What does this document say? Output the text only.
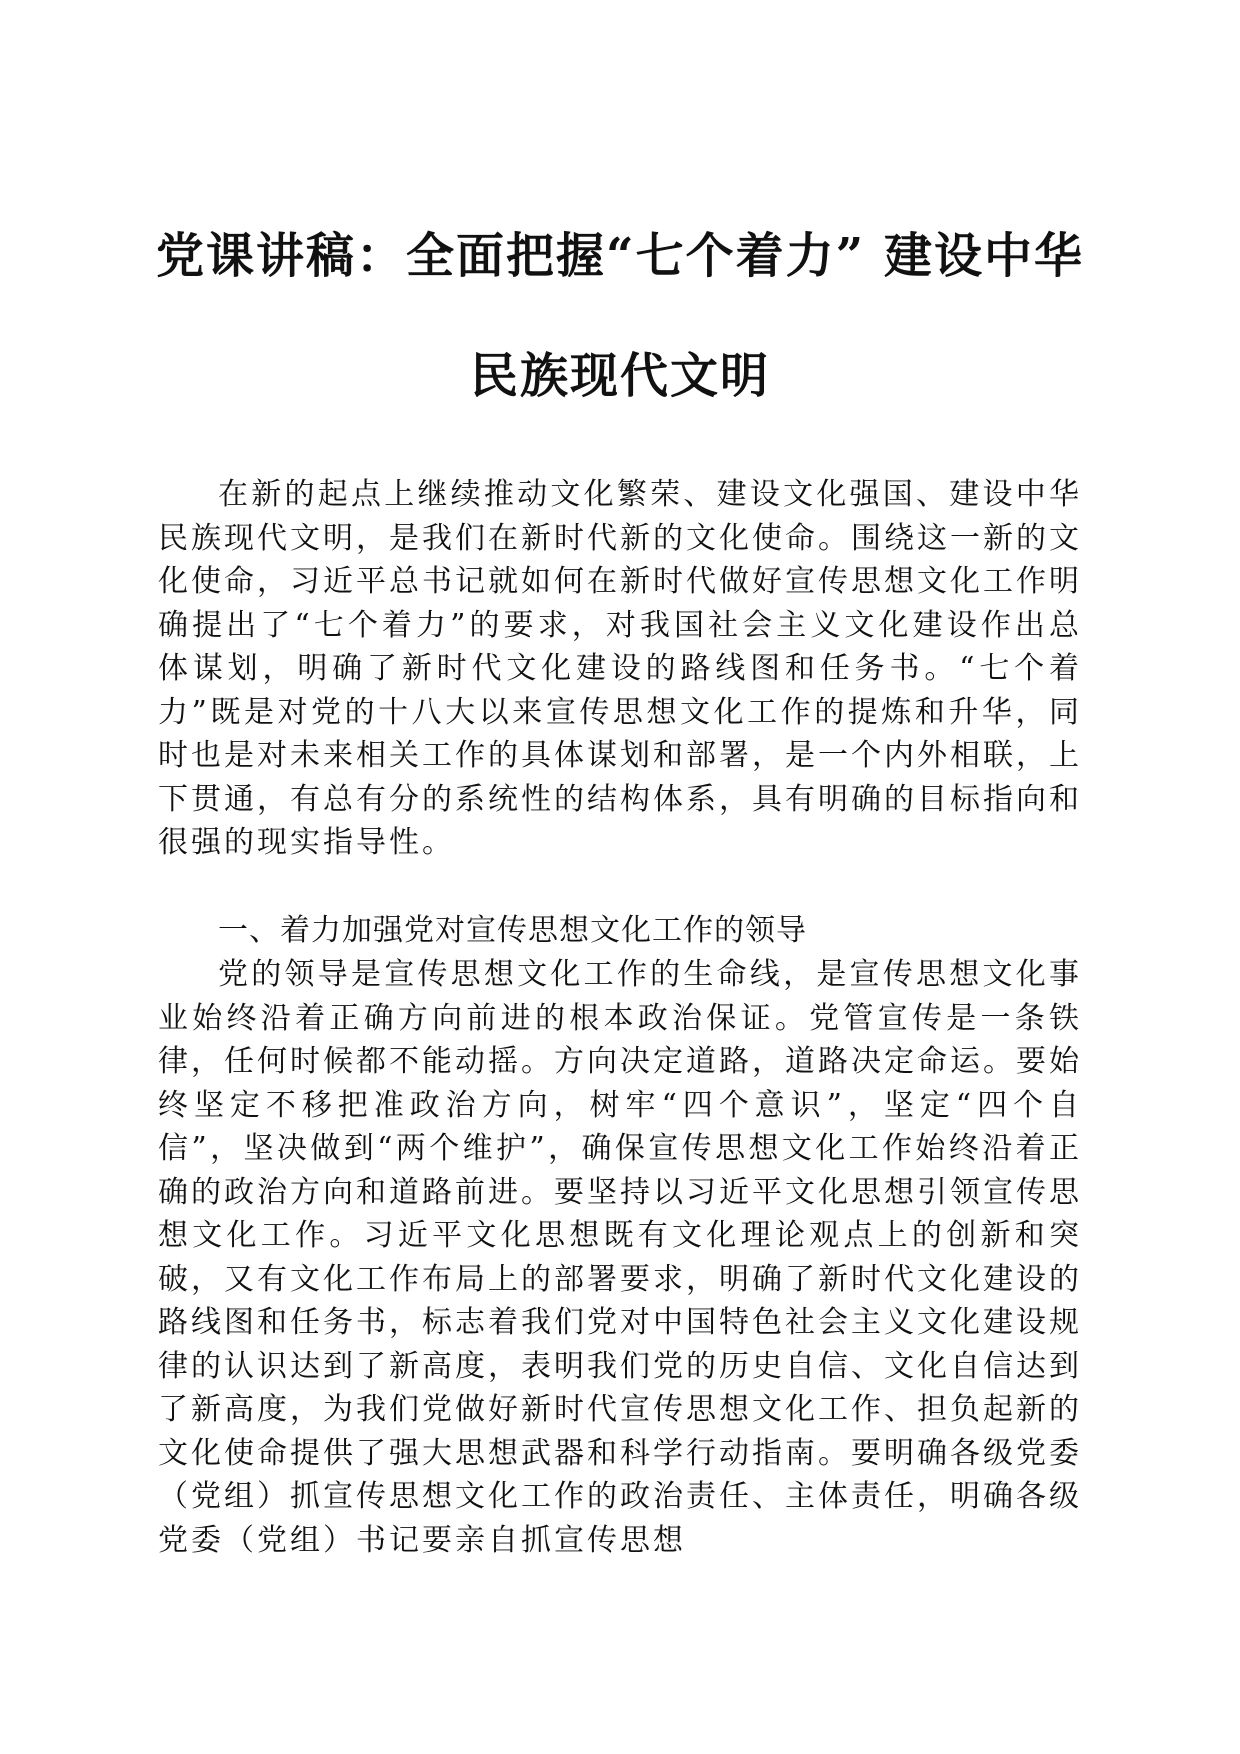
党课讲稿：全面把握“七个着力” 建设中华
民族现代文明

在新的起点上继续推动文化繁荣、建设文化强国、建设中华民族现代文明，是我们在新时代新的文化使命。围绕这一新的文化使命，习近平总书记就如何在新时代做好宣传思想文化工作明确提出了“七个着力”的要求，对我国社会主义文化建设作出总体谋划，明确了新时代文化建设的路线图和任务书。“七个着力”既是对党的十八大以来宣传思想文化工作的提炼和升华，同时也是对未来相关工作的具体谋划和部署，是一个内外相联，上下贯通，有总有分的系统性的结构体系，具有明确的目标指向和很强的现实指导性。

一、着力加强党对宣传思想文化工作的领导

党的领导是宣传思想文化工作的生命线，是宣传思想文化事业始终沿着正确方向前进的根本政治保证。党管宣传是一条铁律，任何时候都不能动摇。方向决定道路，道路决定命运。要始终坚定不移把准政治方向，树牢“四个意识”，坚定“四个自信”，坚决做到“两个维护”，确保宣传思想文化工作始终沿着正确的政治方向和道路前进。要坚持以习近平文化思想引领宣传思想文化工作。习近平文化思想既有文化理论观点上的创新和突破，又有文化工作布局上的部署要求，明确了新时代文化建设的路线图和任务书，标志着我们党对中国特色社会主义文化建设规律的认识达到了新高度，表明我们党的历史自信、文化自信达到了新高度，为我们党做好新时代宣传思想文化工作、担负起新的文化使命提供了强大思想武器和科学行动指南。要明确各级党委（党组）抓宣传思想文化工作的政治责任、主体责任，明确各级党委（党组）书记要亲自抓宣传思想
